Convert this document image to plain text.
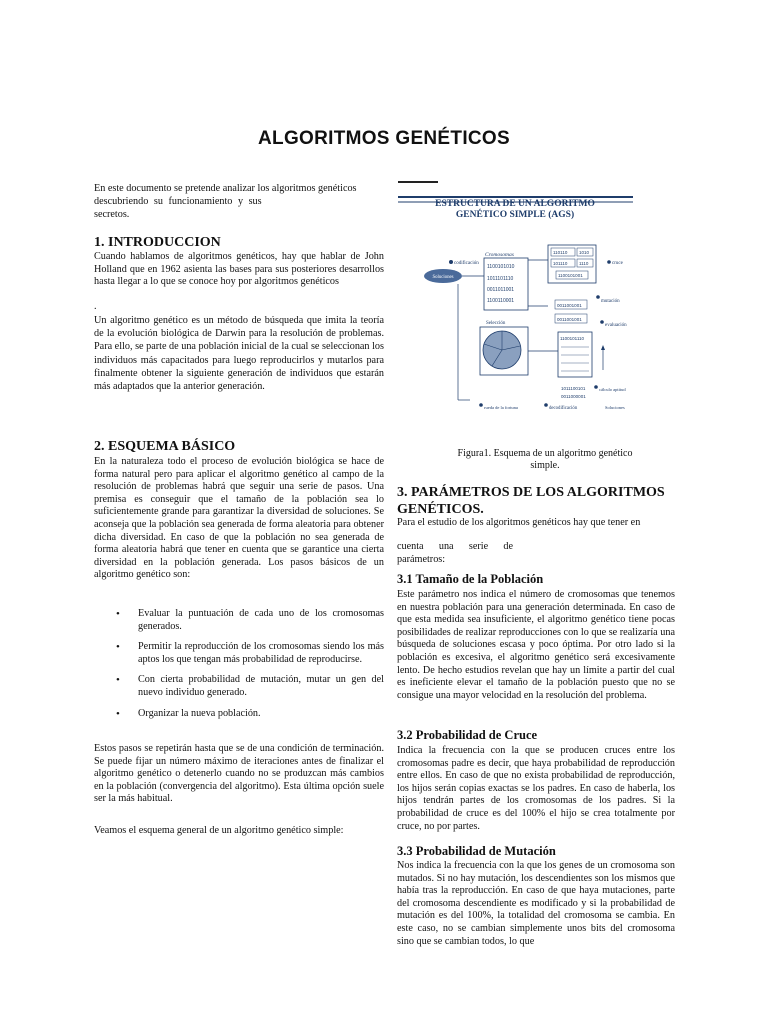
ALGORITMOS GENÉTICOS
En este documento se pretende analizar los algoritmos genéticos
descubriendo su funcionamiento y sus
secretos.
1. INTRODUCCION
Cuando hablamos de algoritmos genéticos, hay que hablar de John Holland que en 1962 asienta las bases para sus posteriores desarrollos hasta llegar a lo que se conoce hoy por algoritmos genéticos
.
Un algoritmo genético es un método de búsqueda que imita la teoría de la evolución biológica de Darwin para la resolución de problemas. Para ello, se parte de una población inicial de la cual se seleccionan los individuos más capacitados para luego reproducirlos y mutarlos para finalmente obtener la siguiente generación de individuos que estarán más adaptados que la anterior generación.
2. ESQUEMA BÁSICO
En la naturaleza todo el proceso de evolución biológica se hace de forma natural pero para aplicar el algoritmo genético al campo de la resolución de problemas habrá que seguir una serie de pasos. Una premisa es conseguir que el tamaño de la población sea lo suficientemente grande para garantizar la diversidad de soluciones. Se aconseja que la población sea generada de forma aleatoria para obtener dicha diversidad. En caso de que la población no sea generada de forma aleatoria habrá que tener en cuenta que se garantice una cierta diversidad en la población generada. Los pasos básicos de un algoritmo genético son:
• Evaluar la puntuación de cada uno de los cromosomas generados.
• Permitir la reproducción de los cromosomas siendo los más aptos los que tengan más probabilidad de reproducirse.
• Con cierta probabilidad de mutación, mutar un gen del nuevo individuo generado.
• Organizar la nueva población.
Estos pasos se repetirán hasta que se de una condición de terminación. Se puede fijar un número máximo de iteraciones antes de finalizar el algoritmo genético o detenerlo cuando no se produzcan más cambios en la población (convergencia del algoritmo). Esta última opción suele ser la más habitual.
Veamos el esquema general de un algoritmo genético simple:
ESTRUCTURA DE UN ALGORITMO
GENÉTICO SIMPLE (AGS)
Cromosomas
codificación
Soluciones
1100101010
1011101110
0011011001
1100110001
110110	1010
101110	1110
1100101001
cruce
0011001001
0011001001
mutación
evaluación
Selección
1100101110
1011100101
0011000001
cálculo aptitud
rueda de la fortuna	decodificación	Soluciones
Figura1. Esquema de un algoritmo genético
simple.
3. PARÁMETROS DE LOS ALGORITMOS
GENÉTICOS.
Para el estudio de los algoritmos genéticos hay que tener en
cuenta      una      serie      de
parámetros:
3.1 Tamaño de la Población
Este parámetro nos indica el número de cromosomas que tenemos en nuestra población para una generación determinada. En caso de que esta medida sea insuficiente, el algoritmo genético tiene pocas posibilidades de realizar reproducciones con lo que se realizaría una búsqueda de soluciones escasa y poco óptima. Por otro lado si la población es excesiva, el algoritmo genético será excesivamente lento. De hecho estudios revelan que hay un límite a partir del cual es ineficiente elevar el tamaño de la población puesto que no se consigue una mayor velocidad en la resolución del problema.
3.2 Probabilidad de Cruce
Indica la frecuencia con la que se producen cruces entre los cromosomas padre es decir, que haya probabilidad de reproducción entre ellos. En caso de que no exista probabilidad de reproducción, los hijos serán copias exactas se los padres. En caso de haberla, los hijos tendrán partes de los cromosomas de los padres. Si la probabilidad de cruce es del 100% el hijo se crea totalmente por cruce, no por partes.
3.3 Probabilidad de Mutación
Nos indica la frecuencia con la que los genes de un cromosoma son mutados. Si no hay mutación, los descendientes son los mismos que había tras la reproducción. En caso de que haya mutaciones, parte del cromosoma descendiente es modificado y si la probabilidad de mutación es del 100%, la totalidad del cromosoma se cambia. En este caso, no se cambian simplemente unos bits del cromosoma sino que se cambian todos, lo que
